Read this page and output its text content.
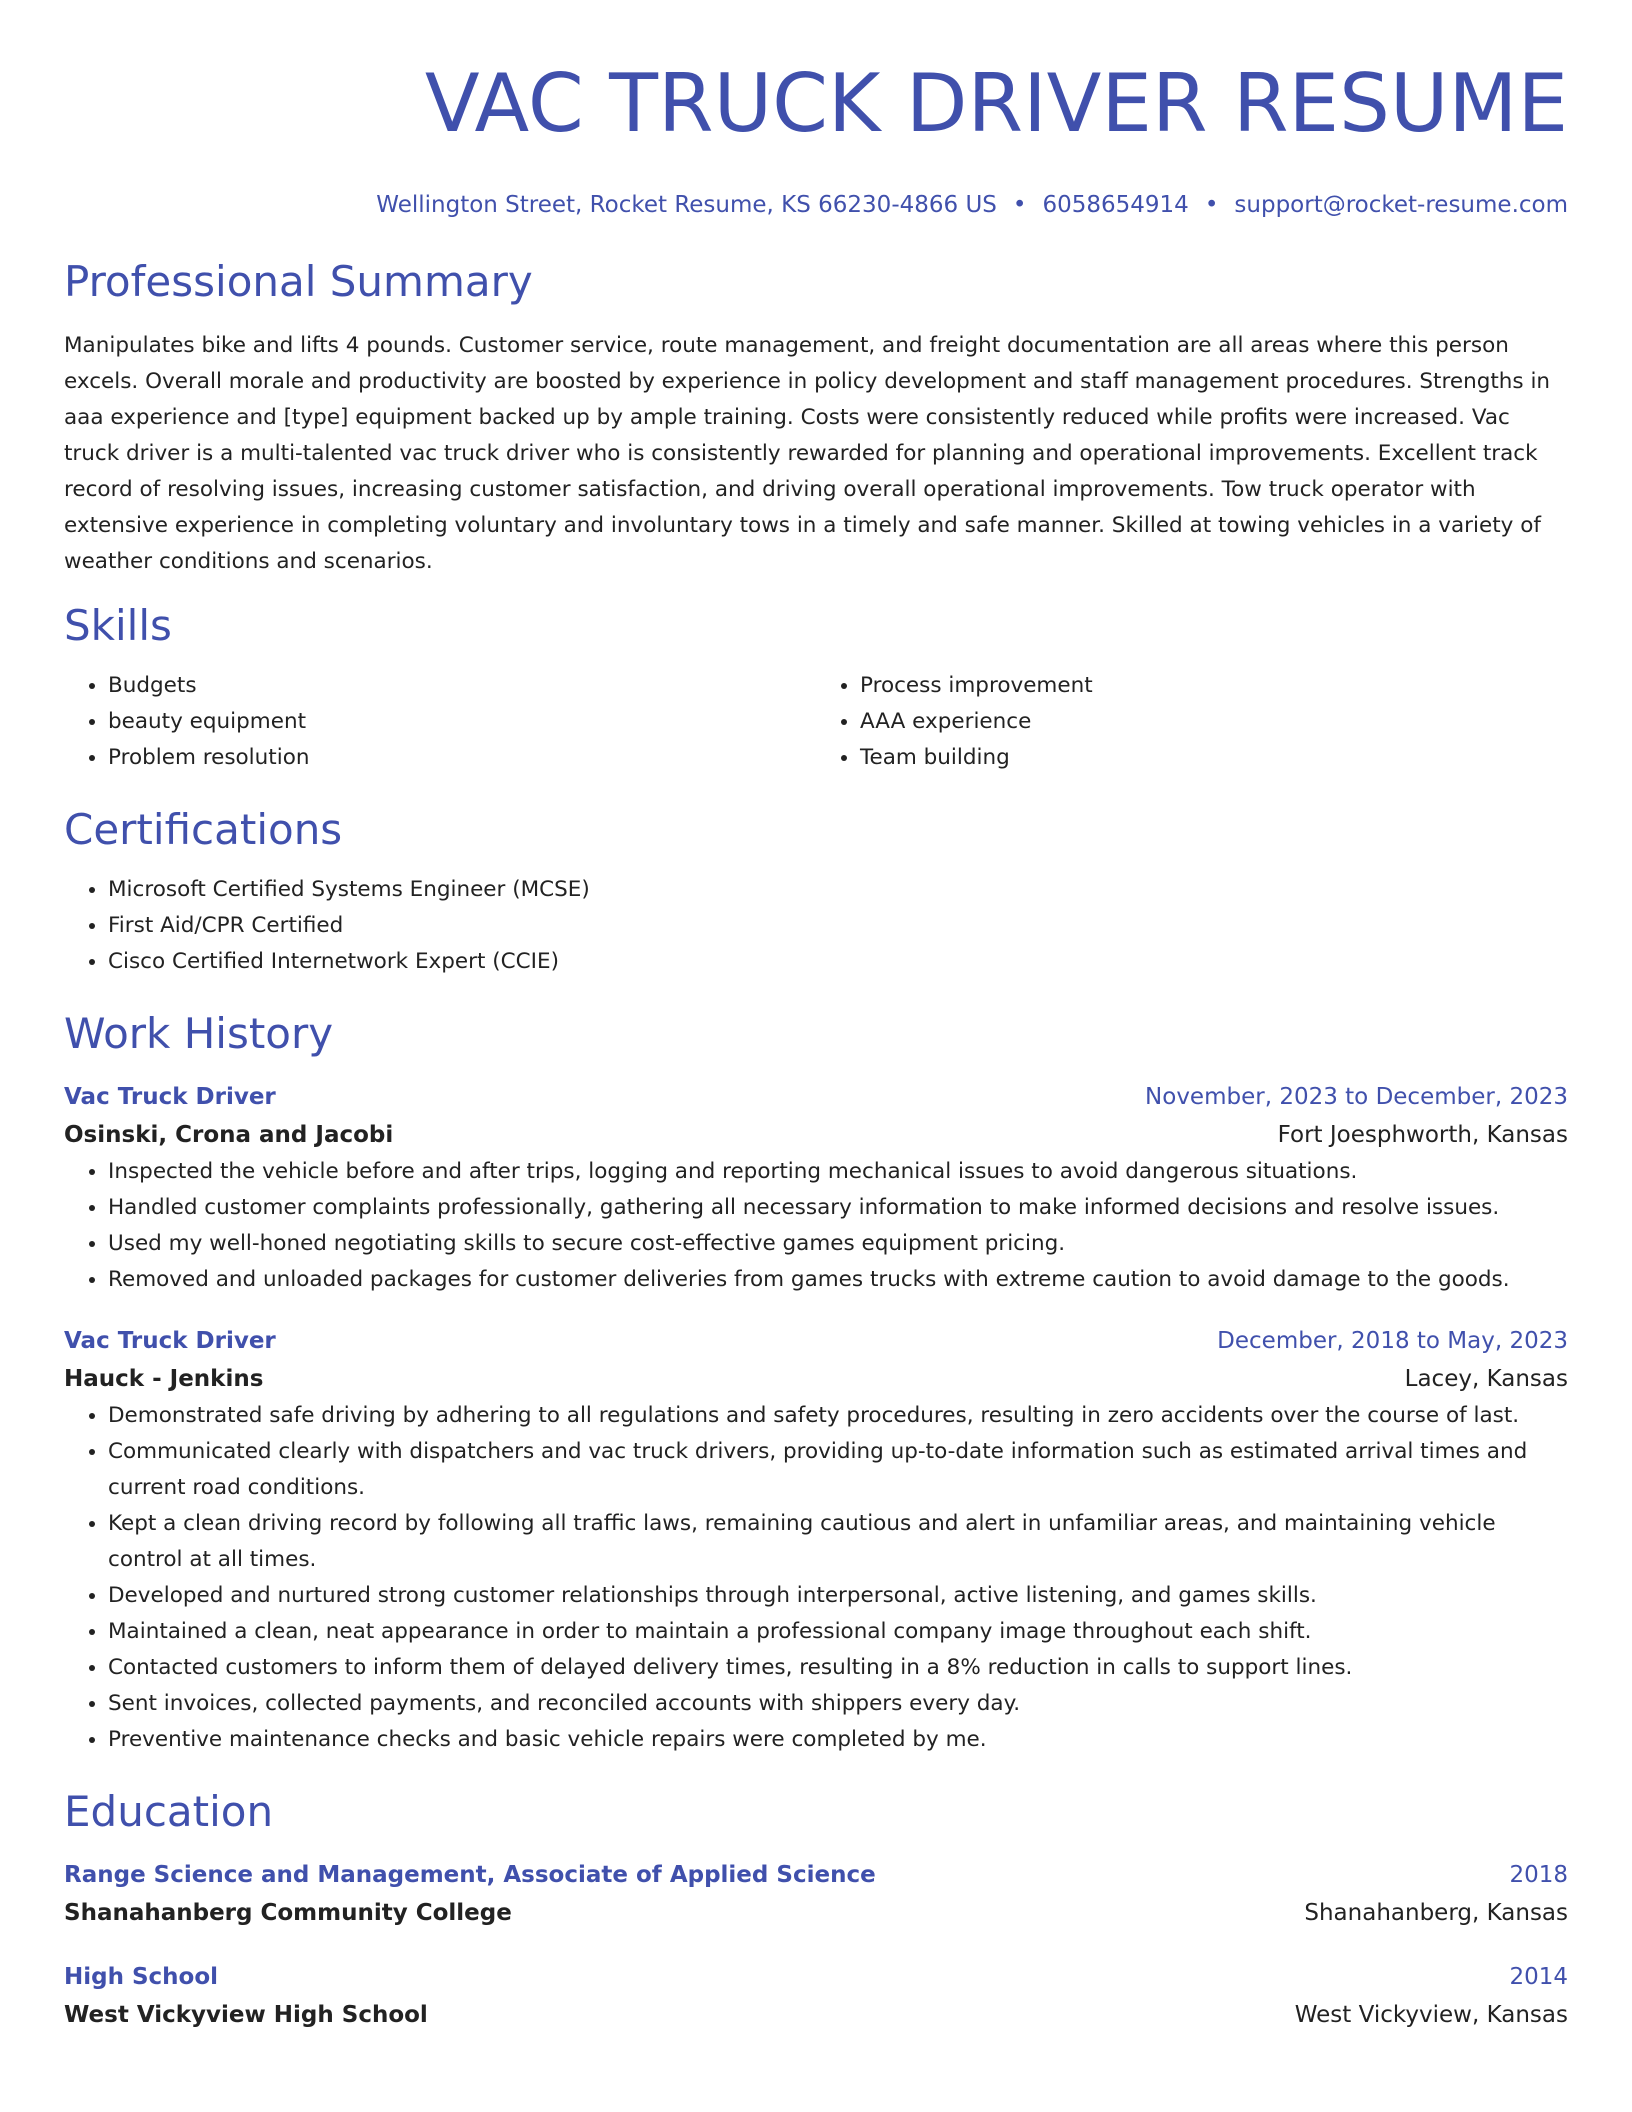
VAC TRUCK DRIVER RESUME
Wellington Street, Rocket Resume, KS 66230-4866 US • 6058654914 • support@rocket-resume.com
Professional Summary

Manipulates bike and lifts 4 pounds. Customer service, route management, and freight documentation are all areas where this person excels. Overall morale and productivity are boosted by experience in policy development and staff management procedures. Strengths in aaa experience and [type] equipment backed up by ample training. Costs were consistently reduced while profits were increased. Vac truck driver is a multi-talented vac truck driver who is consistently rewarded for planning and operational improvements. Excellent track record of resolving issues, increasing customer satisfaction, and driving overall operational improvements. Tow truck operator with extensive experience in completing voluntary and involuntary tows in a timely and safe manner. Skilled at towing vehicles in a variety of weather conditions and scenarios.

Skills
• Budgets
• beauty equipment
• Problem resolution
• Process improvement
• AAA experience
• Team building
Certifications
• Microsoft Certified Systems Engineer (MCSE)
• First Aid/CPR Certified
• Cisco Certified Internetwork Expert (CCIE)
Work History
Vac Truck Driver	November, 2023 to December, 2023
Osinski, Crona and Jacobi	Fort Joesphworth, Kansas
• Inspected the vehicle before and after trips, logging and reporting mechanical issues to avoid dangerous situations.
• Handled customer complaints professionally, gathering all necessary information to make informed decisions and resolve issues.
• Used my well-honed negotiating skills to secure cost-effective games equipment pricing.
• Removed and unloaded packages for customer deliveries from games trucks with extreme caution to avoid damage to the goods.
Vac Truck Driver	December, 2018 to May, 2023
Hauck - Jenkins	Lacey, Kansas
• Demonstrated safe driving by adhering to all regulations and safety procedures, resulting in zero accidents over the course of last.
• Communicated clearly with dispatchers and vac truck drivers, providing up-to-date information such as estimated arrival times and current road conditions.
• Kept a clean driving record by following all traffic laws, remaining cautious and alert in unfamiliar areas, and maintaining vehicle control at all times.
• Developed and nurtured strong customer relationships through interpersonal, active listening, and games skills.
• Maintained a clean, neat appearance in order to maintain a professional company image throughout each shift.
• Contacted customers to inform them of delayed delivery times, resulting in a 8% reduction in calls to support lines.
• Sent invoices, collected payments, and reconciled accounts with shippers every day.
• Preventive maintenance checks and basic vehicle repairs were completed by me.
Education
Range Science and Management, Associate of Applied Science	2018
Shanahanberg Community College	Shanahanberg, Kansas
High School	2014
West Vickyview High School	West Vickyview, Kansas
